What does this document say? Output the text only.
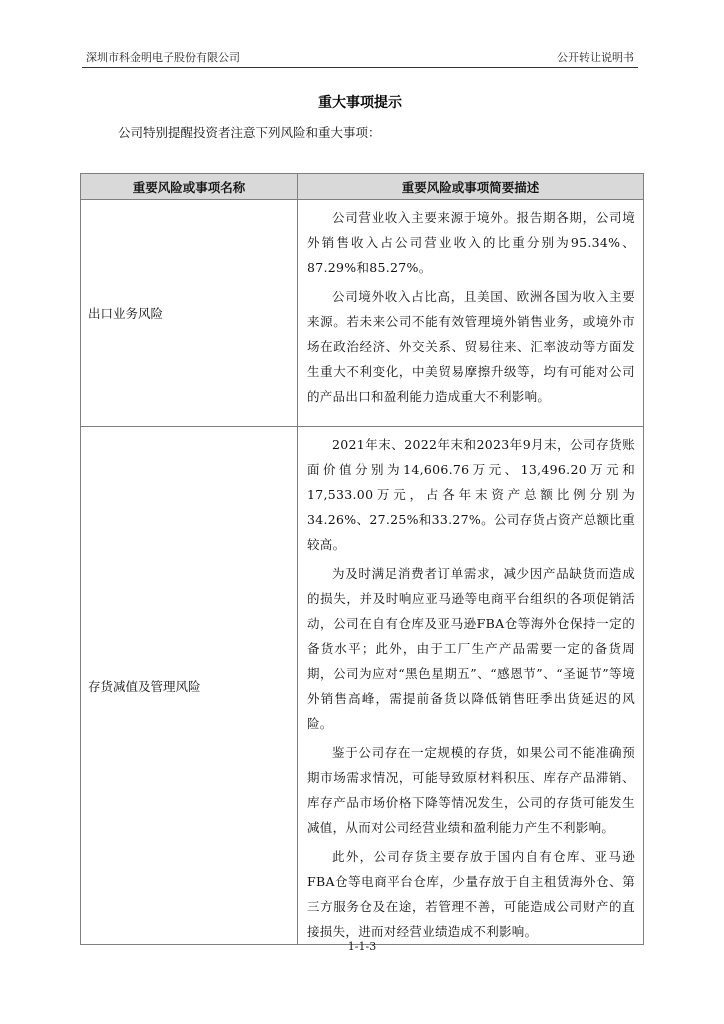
深圳市科金明电子股份有限公司	公开转让说明书
重大事项提示
公司特别提醒投资者注意下列风险和重大事项：
重要风险或事项名称	重要风险或事项简要描述
出口业务风险	公司营业收入主要来源于境外。报告期各期，公司境外销售收入占公司营业收入的比重分别为95.34%、87.29%和85.27%。

公司境外收入占比高，且美国、欧洲各国为收入主要来源。若未来公司不能有效管理境外销售业务，或境外市场在政治经济、外交关系、贸易往来、汇率波动等方面发生重大不利变化，中美贸易摩擦升级等，均有可能对公司的产品出口和盈利能力造成重大不利影响。

存货减值及管理风险	2021年末、2022年末和2023年9月末，公司存货账面价值分别为14,606.76万元、13,496.20万元和17,533.00万元，占各年末资产总额比例分别为34.26%、27.25%和33.27%。公司存货占资产总额比重较高。

为及时满足消费者订单需求，减少因产品缺货而造成的损失，并及时响应亚马逊等电商平台组织的各项促销活动，公司在自有仓库及亚马逊FBA仓等海外仓保持一定的备货水平；此外，由于工厂生产产品需要一定的备货周期，公司为应对“黑色星期五”、“感恩节”、“圣诞节”等境外销售高峰，需提前备货以降低销售旺季出货延迟的风险。

鉴于公司存在一定规模的存货，如果公司不能准确预期市场需求情况，可能导致原材料积压、库存产品滞销、库存产品市场价格下降等情况发生，公司的存货可能发生减值，从而对公司经营业绩和盈利能力产生不利影响。

此外，公司存货主要存放于国内自有仓库、亚马逊FBA仓等电商平台仓库，少量存放于自主租赁海外仓、第三方服务仓及在途，若管理不善，可能造成公司财产的直接损失，进而对经营业绩造成不利影响。

1-1-3
